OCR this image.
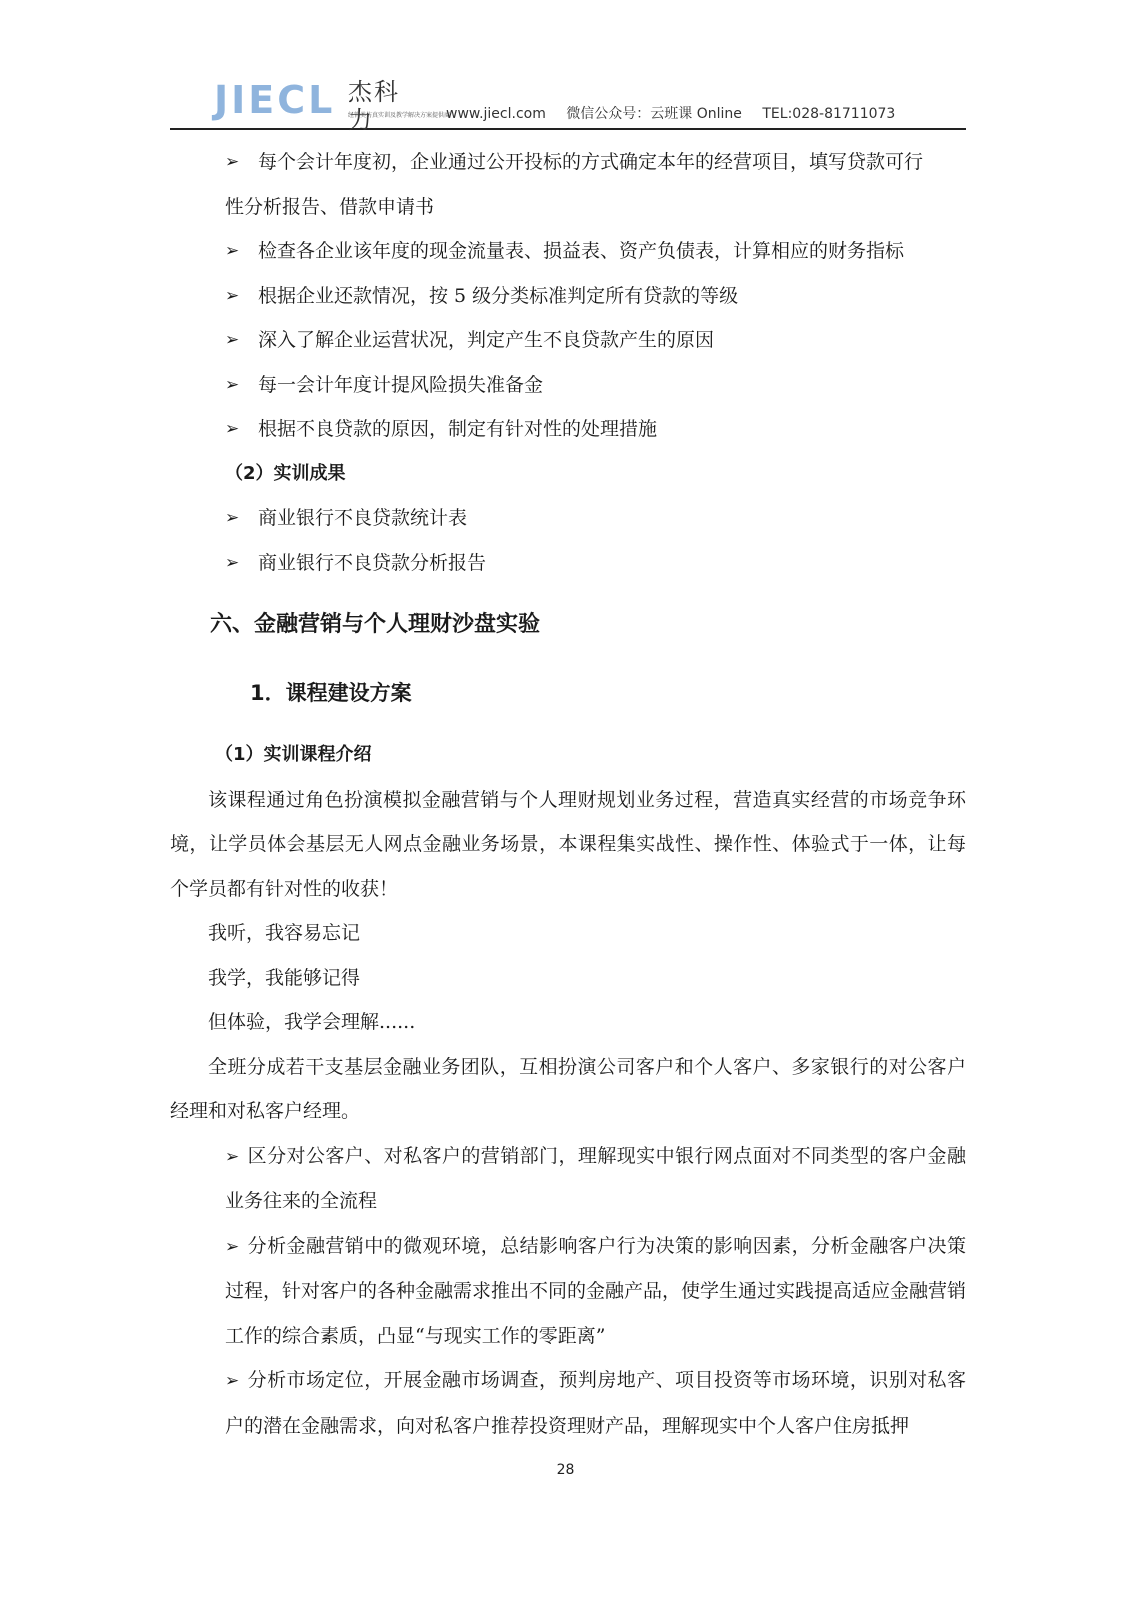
JIECL 杰科力
经管类仿真实训及教学解决方案提供商
www.jiecl.com 微信公众号：云班课 Online TEL:028-81711073
➢ 每个会计年度初，企业通过公开投标的方式确定本年的经营项目，填写贷款可行
性分析报告、借款申请书
➢ 检查各企业该年度的现金流量表、损益表、资产负债表，计算相应的财务指标
➢ 根据企业还款情况，按 5 级分类标准判定所有贷款的等级
➢ 深入了解企业运营状况，判定产生不良贷款产生的原因
➢ 每一会计年度计提风险损失准备金
➢ 根据不良贷款的原因，制定有针对性的处理措施
（2）实训成果
➢ 商业银行不良贷款统计表
➢ 商业银行不良贷款分析报告
六、金融营销与个人理财沙盘实验
1．课程建设方案
（1）实训课程介绍
该课程通过角色扮演模拟金融营销与个人理财规划业务过程，营造真实经营的市场竞争环境，让学员体会基层无人网点金融业务场景，本课程集实战性、操作性、体验式于一体，让每个学员都有针对性的收获！
我听，我容易忘记
我学，我能够记得
但体验，我学会理解......
全班分成若干支基层金融业务团队，互相扮演公司客户和个人客户、多家银行的对公客户经理和对私客户经理。
➢ 区分对公客户、对私客户的营销部门，理解现实中银行网点面对不同类型的客户金融业务往来的全流程
➢ 分析金融营销中的微观环境，总结影响客户行为决策的影响因素，分析金融客户决策过程，针对客户的各种金融需求推出不同的金融产品，使学生通过实践提高适应金融营销工作的综合素质，凸显“与现实工作的零距离”
➢ 分析市场定位，开展金融市场调查，预判房地产、项目投资等市场环境，识别对私客户的潜在金融需求，向对私客户推荐投资理财产品，理解现实中个人客户住房抵押
28
